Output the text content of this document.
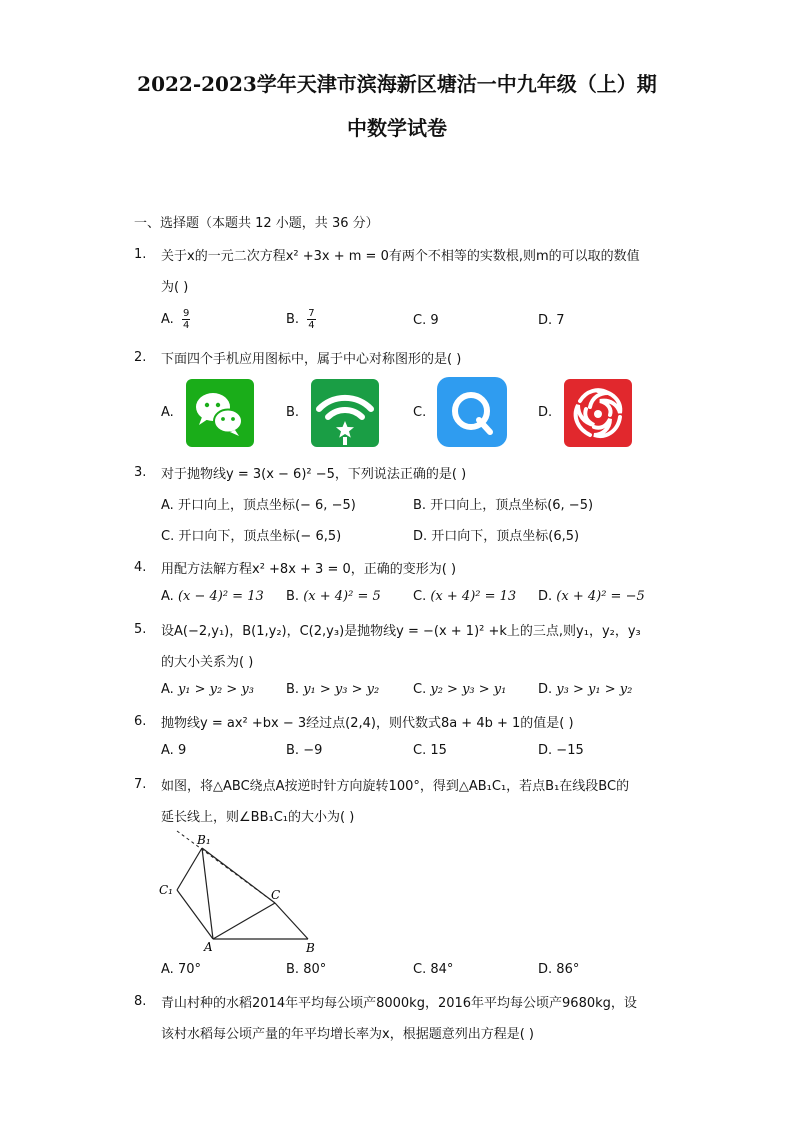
2022-2023学年天津市滨海新区塘沽一中九年级（上）期
中数学试卷
一、选择题（本题共 12 小题，共 36 分）
1. 关于x的一元二次方程x² +3x + m = 0有两个不相等的实数根,则m的可以取的数值
为( )
A. $\frac{9}{4}$	B. $\frac{7}{4}$	C. 9	D. 7
2. 下面四个手机应用图标中，属于中心对称图形的是( )
A.	B.	C.	D.
3. 对于抛物线y = 3(x − 6)² −5，下列说法正确的是( )
A. 开口向上，顶点坐标(− 6, −5)	B. 开口向上，顶点坐标(6, −5)
C. 开口向下，顶点坐标(− 6,5)	D. 开口向下，顶点坐标(6,5)
4. 用配方法解方程x² +8x + 3 = 0，正确的变形为( )
A. (x − 4)² = 13 B. (x + 4)² = 5 C. (x + 4)² = 13 D. (x + 4)² = −5
5. 设A(−2,y₁)，B(1,y₂)，C(2,y₃)是抛物线y = −(x + 1)² +k上的三点,则y₁，y₂，y₃
的大小关系为( )
A. y₁ > y₂ > y₃ B. y₁ > y₃ > y₂	C. y₂ > y₃ > y₁ D. y₃ > y₁ > y₂
6. 抛物线y = ax² +bx − 3经过点(2,4)，则代数式8a + 4b + 1的值是( )
A. 9	B. −9	C. 15	D. −15
7. 如图，将△ABC绕点A按逆时针方向旋转100°，得到△AB₁C₁，若点B₁在线段BC的
延长线上，则∠BB₁C₁的大小为( )
B₁
C₁	C
A	B
A. 70°	B. 80°	C. 84°	D. 86°
8. 青山村种的水稻2014年平均每公顷产8000kg，2016年平均每公顷产9680kg，设
该村水稻每公顷产量的年平均增长率为x，根据题意列出方程是( )
